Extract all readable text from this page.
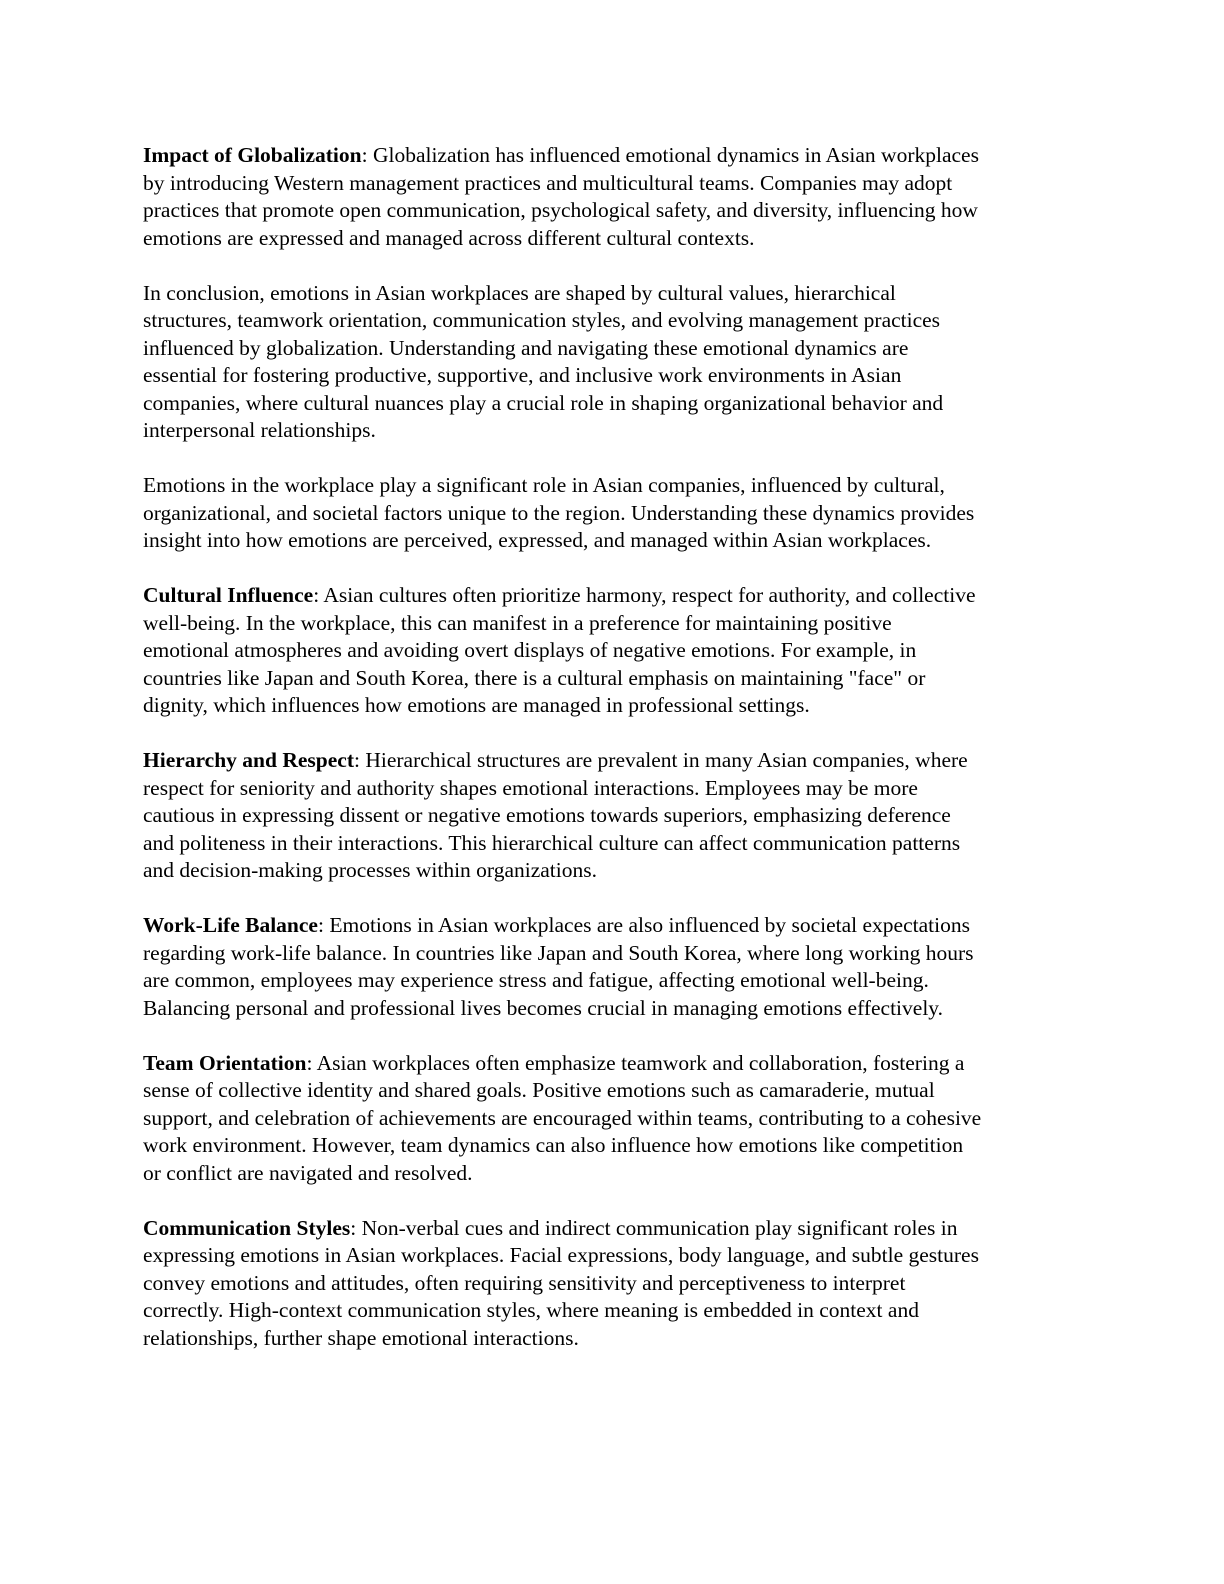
Impact of Globalization: Globalization has influenced emotional dynamics in Asian workplaces
by introducing Western management practices and multicultural teams. Companies may adopt
practices that promote open communication, psychological safety, and diversity, influencing how
emotions are expressed and managed across different cultural contexts.

In conclusion, emotions in Asian workplaces are shaped by cultural values, hierarchical
structures, teamwork orientation, communication styles, and evolving management practices
influenced by globalization. Understanding and navigating these emotional dynamics are
essential for fostering productive, supportive, and inclusive work environments in Asian
companies, where cultural nuances play a crucial role in shaping organizational behavior and
interpersonal relationships.

Emotions in the workplace play a significant role in Asian companies, influenced by cultural,
organizational, and societal factors unique to the region. Understanding these dynamics provides
insight into how emotions are perceived, expressed, and managed within Asian workplaces.

Cultural Influence: Asian cultures often prioritize harmony, respect for authority, and collective
well-being. In the workplace, this can manifest in a preference for maintaining positive
emotional atmospheres and avoiding overt displays of negative emotions. For example, in
countries like Japan and South Korea, there is a cultural emphasis on maintaining "face" or
dignity, which influences how emotions are managed in professional settings.

Hierarchy and Respect: Hierarchical structures are prevalent in many Asian companies, where
respect for seniority and authority shapes emotional interactions. Employees may be more
cautious in expressing dissent or negative emotions towards superiors, emphasizing deference
and politeness in their interactions. This hierarchical culture can affect communication patterns
and decision-making processes within organizations.

Work-Life Balance: Emotions in Asian workplaces are also influenced by societal expectations
regarding work-life balance. In countries like Japan and South Korea, where long working hours
are common, employees may experience stress and fatigue, affecting emotional well-being.
Balancing personal and professional lives becomes crucial in managing emotions effectively.

Team Orientation: Asian workplaces often emphasize teamwork and collaboration, fostering a
sense of collective identity and shared goals. Positive emotions such as camaraderie, mutual
support, and celebration of achievements are encouraged within teams, contributing to a cohesive
work environment. However, team dynamics can also influence how emotions like competition
or conflict are navigated and resolved.

Communication Styles: Non-verbal cues and indirect communication play significant roles in
expressing emotions in Asian workplaces. Facial expressions, body language, and subtle gestures
convey emotions and attitudes, often requiring sensitivity and perceptiveness to interpret
correctly. High-context communication styles, where meaning is embedded in context and
relationships, further shape emotional interactions.
